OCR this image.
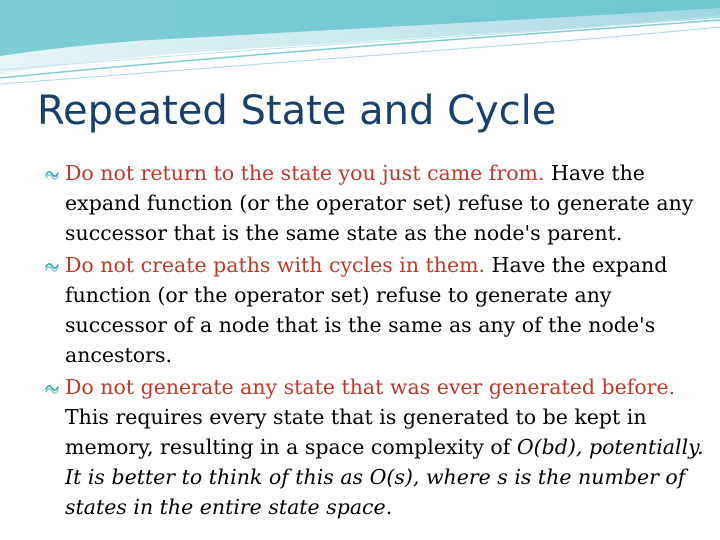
Repeated State and Cycle
Do not return to the state you just came from. Have the expand function (or the operator set) refuse to generate any successor that is the same state as the node's parent.
Do not create paths with cycles in them. Have the expand function (or the operator set) refuse to generate any successor of a node that is the same as any of the node's ancestors.
Do not generate any state that was ever generated before. This requires every state that is generated to be kept in memory, resulting in a space complexity of O(bd), potentially. It is better to think of this as O(s), where s is the number of states in the entire state space.
